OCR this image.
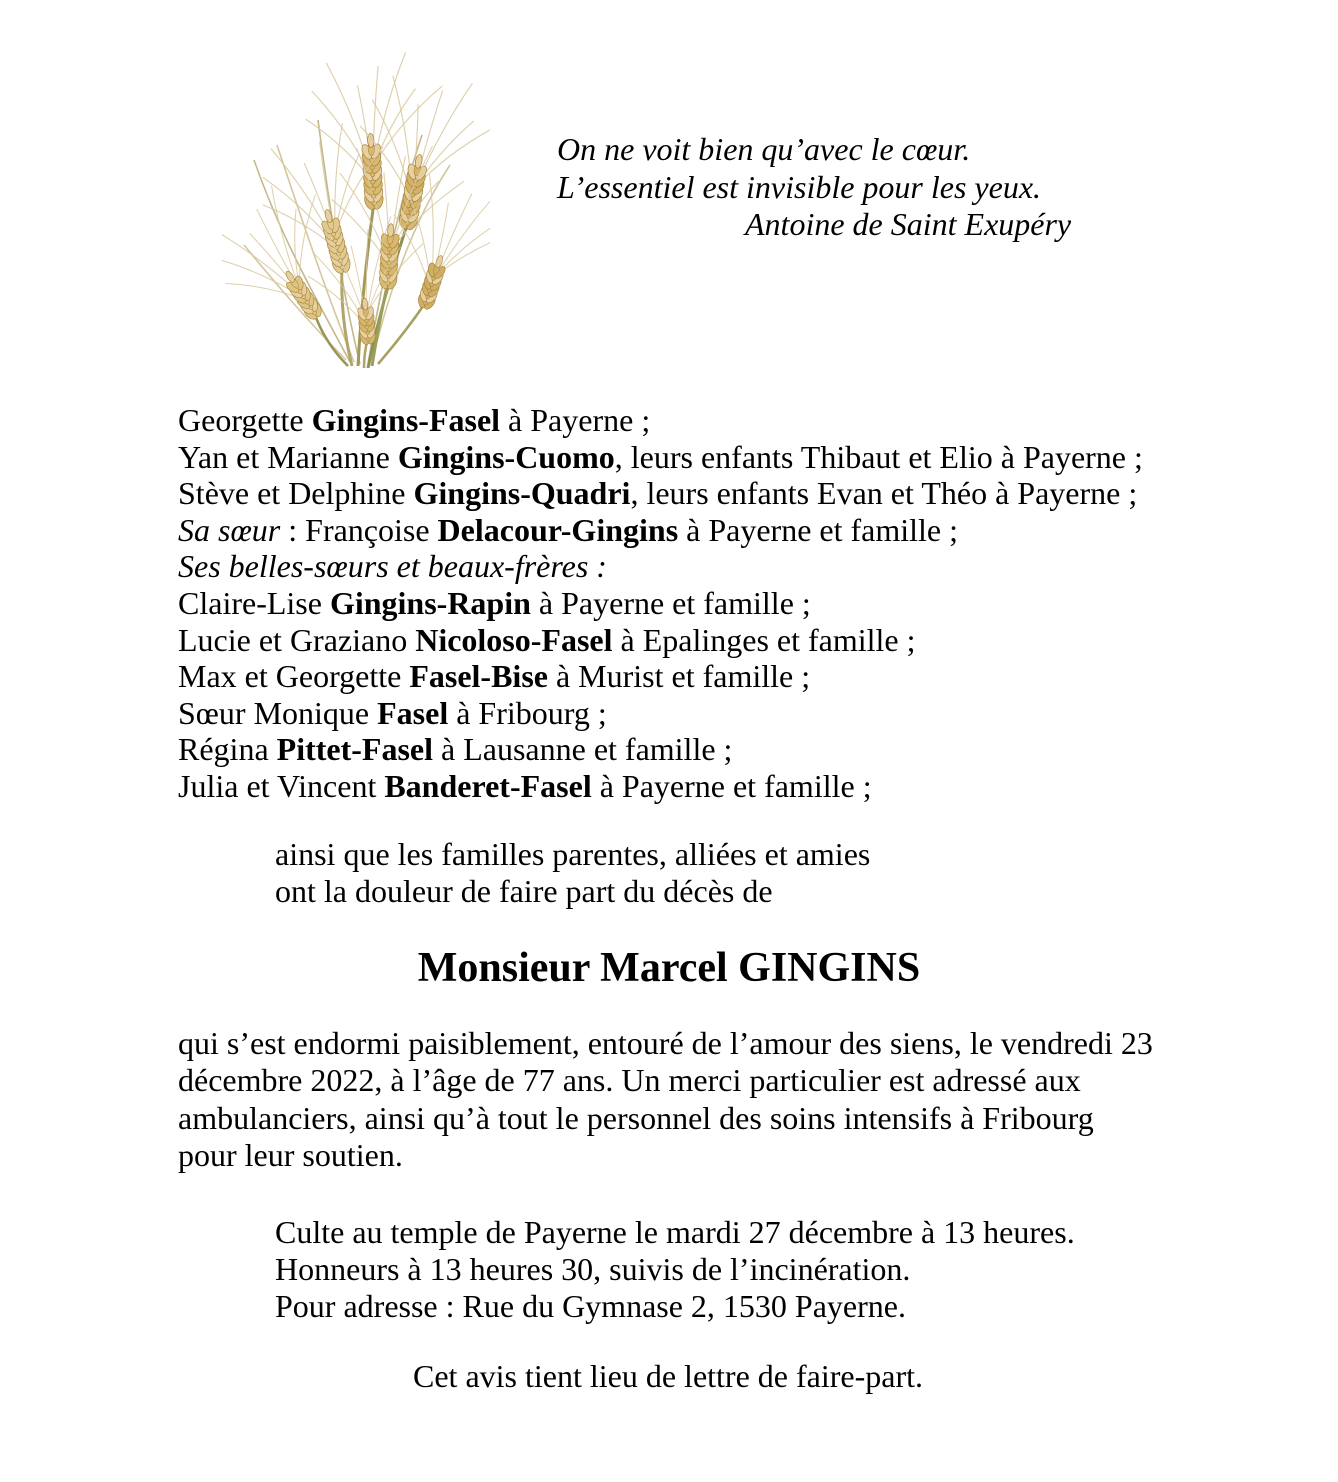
On ne voit bien qu’avec le cœur.
L’essentiel est invisible pour les yeux.
Antoine de Saint Exupéry
Georgette Gingins-Fasel à Payerne ;
Yan et Marianne Gingins-Cuomo, leurs enfants Thibaut et Elio à Payerne ;
Stève et Delphine Gingins-Quadri, leurs enfants Evan et Théo à Payerne ;
Sa sœur : Françoise Delacour-Gingins à Payerne et famille ;
Ses belles-sœurs et beaux-frères :
Claire-Lise Gingins-Rapin à Payerne et famille ;
Lucie et Graziano Nicoloso-Fasel à Epalinges et famille ;
Max et Georgette Fasel-Bise à Murist et famille ;
Sœur Monique Fasel à Fribourg ;
Régina Pittet-Fasel à Lausanne et famille ;
Julia et Vincent Banderet-Fasel à Payerne et famille ;
ainsi que les familles parentes, alliées et amies
ont la douleur de faire part du décès de
Monsieur Marcel GINGINS
qui s’est endormi paisiblement, entouré de l’amour des siens, le vendredi 23
décembre 2022, à l’âge de 77 ans. Un merci particulier est adressé aux
ambulanciers, ainsi qu’à tout le personnel des soins intensifs à Fribourg
pour leur soutien.
Culte au temple de Payerne le mardi 27 décembre à 13 heures.
Honneurs à 13 heures 30, suivis de l’incinération.
Pour adresse : Rue du Gymnase 2, 1530 Payerne.
Cet avis tient lieu de lettre de faire-part.
